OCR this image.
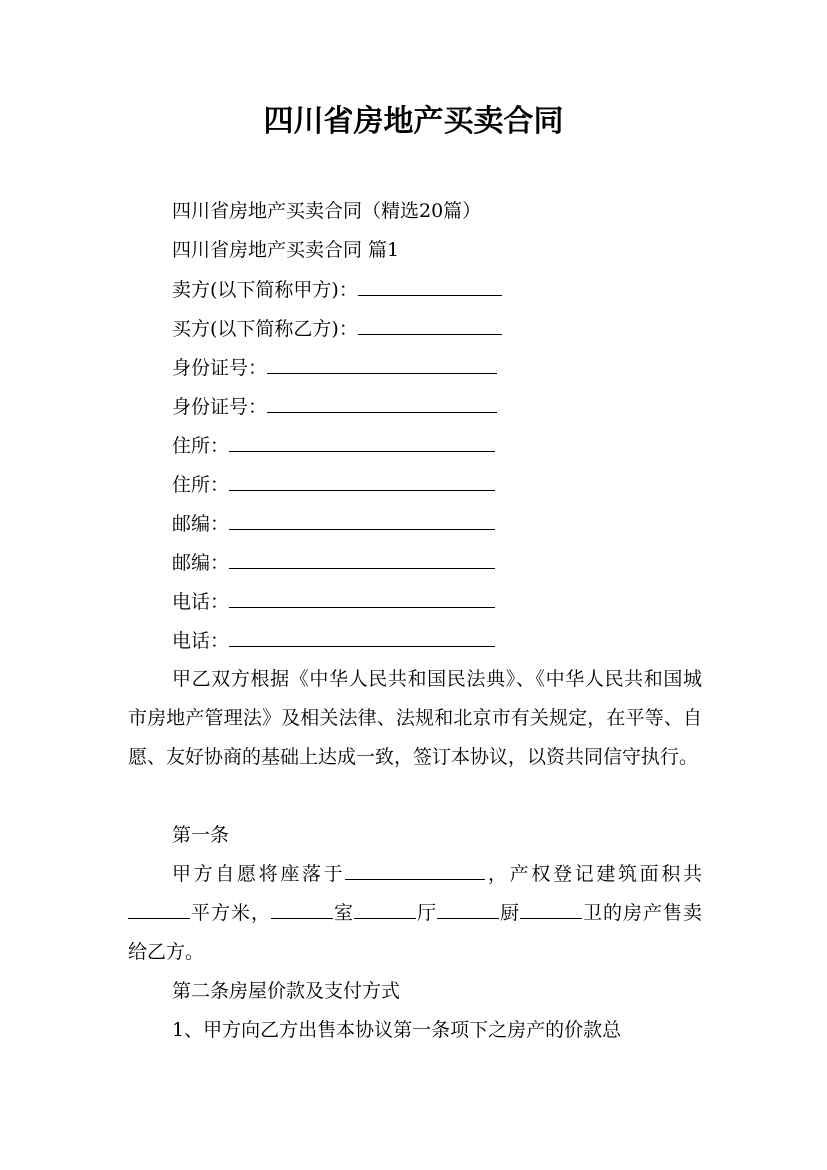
四川省房地产买卖合同
四川省房地产买卖合同（精选20篇）
四川省房地产买卖合同 篇1
卖方(以下简称甲方)：
买方(以下简称乙方)：
身份证号：
身份证号：
住所：
住所：
邮编：
邮编：
电话：
电话：
甲乙双方根据《中华人民共和国民法典》、《中华人民共和国城市房地产管理法》及相关法律、法规和北京市有关规定，在平等、自愿、友好协商的基础上达成一致，签订本协议，以资共同信守执行。
第一条
甲方自愿将座落于	，产权登记建筑面积共平方米，	室	厅	厨	卫的房产售卖给乙方。
第二条房屋价款及支付方式
1、甲方向乙方出售本协议第一条项下之房产的价款总
